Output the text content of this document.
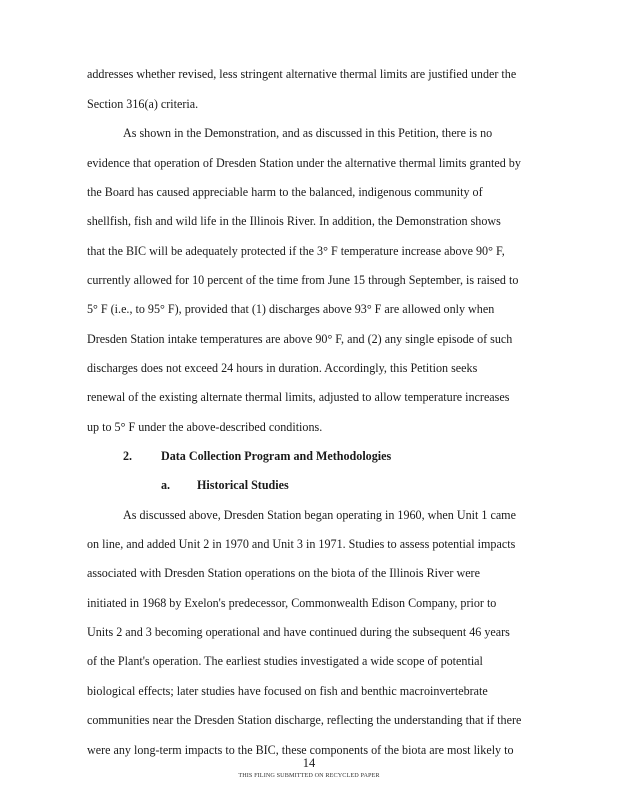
addresses whether revised, less stringent alternative thermal limits are justified under the
Section 316(a) criteria.
As shown in the Demonstration, and as discussed in this Petition, there is no
evidence that operation of Dresden Station under the alternative thermal limits granted by
the Board has caused appreciable harm to the balanced, indigenous community of
shellfish, fish and wild life in the Illinois River. In addition, the Demonstration shows
that the BIC will be adequately protected if the 3° F temperature increase above 90° F,
currently allowed for 10 percent of the time from June 15 through September, is raised to
5° F (i.e., to 95° F), provided that (1) discharges above 93° F are allowed only when
Dresden Station intake temperatures are above 90° F, and (2) any single episode of such
discharges does not exceed 24 hours in duration. Accordingly, this Petition seeks
renewal of the existing alternate thermal limits, adjusted to allow temperature increases
up to 5° F under the above-described conditions.
2. Data Collection Program and Methodologies
a. Historical Studies
As discussed above, Dresden Station began operating in 1960, when Unit 1 came
on line, and added Unit 2 in 1970 and Unit 3 in 1971. Studies to assess potential impacts
associated with Dresden Station operations on the biota of the Illinois River were
initiated in 1968 by Exelon's predecessor, Commonwealth Edison Company, prior to
Units 2 and 3 becoming operational and have continued during the subsequent 46 years
of the Plant's operation. The earliest studies investigated a wide scope of potential
biological effects; later studies have focused on fish and benthic macroinvertebrate
communities near the Dresden Station discharge, reflecting the understanding that if there
were any long-term impacts to the BIC, these components of the biota are most likely to
14
THIS FILING SUBMITTED ON RECYCLED PAPER
